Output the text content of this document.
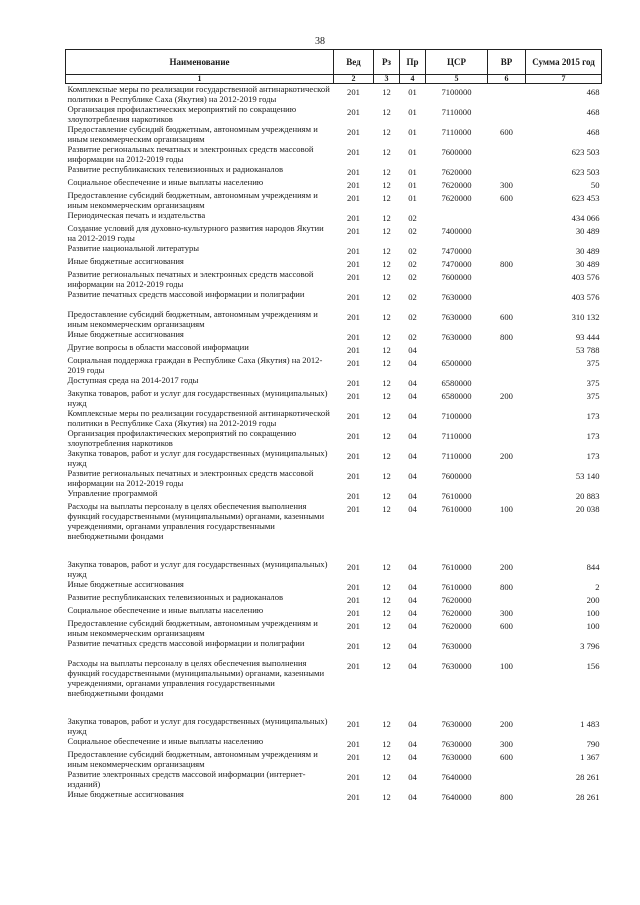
38
Наименование	Вед	Рз	Пр	ЦСР	ВР	Сумма 2015 год
1	2	3	4	5	6	7
Комплексные меры по реализации государственной антинаркотической политики в Республике Саха (Якутия) на 2012-2019 годы	201	12	01	7100000		468
Организация профилактических мероприятий по сокращению злоупотребления наркотиков	201	12	01	7110000		468
Предоставление субсидий бюджетным, автономным учреждениям и иным некоммерческим организациям	201	12	01	7110000	600	468
Развитие региональных печатных и электронных средств массовой информации на 2012-2019 годы	201	12	01	7600000		623 503
Развитие республиканских телевизионных и радиоканалов	201	12	01	7620000		623 503
Социальное обеспечение и иные выплаты населению	201	12	01	7620000	300	50
Предоставление субсидий бюджетным, автономным учреждениям и иным некоммерческим организациям	201	12	01	7620000	600	623 453
Периодическая печать и издательства	201	12	02			434 066
Создание условий для духовно-культурного развития народов Якутии на 2012-2019 годы	201	12	02	7400000		30 489
Развитие национальной литературы	201	12	02	7470000		30 489
Иные бюджетные ассигнования	201	12	02	7470000	800	30 489
Развитие региональных печатных и электронных средств массовой информации на 2012-2019 годы	201	12	02	7600000		403 576
Развитие печатных средств массовой информации и полиграфии	201	12	02	7630000		403 576
Предоставление субсидий бюджетным, автономным учреждениям и иным некоммерческим организациям	201	12	02	7630000	600	310 132
Иные бюджетные ассигнования	201	12	02	7630000	800	93 444
Другие вопросы в области массовой информации	201	12	04			53 788
Социальная поддержка граждан в Республике Саха (Якутия) на 2012-2019 годы	201	12	04	6500000		375
Доступная среда на 2014-2017 годы	201	12	04	6580000		375
Закупка товаров, работ и услуг для государственных (муниципальных) нужд	201	12	04	6580000	200	375
Комплексные меры по реализации государственной антинаркотической политики в Республике Саха (Якутия) на 2012-2019 годы	201	12	04	7100000		173
Организация профилактических мероприятий по сокращению злоупотребления наркотиков	201	12	04	7110000		173
Закупка товаров, работ и услуг для государственных (муниципальных) нужд	201	12	04	7110000	200	173
Развитие региональных печатных и электронных средств массовой информации на 2012-2019 годы	201	12	04	7600000		53 140
Управление программой	201	12	04	7610000		20 883
Расходы на выплаты персоналу в целях обеспечения выполнения функций государственными (муниципальными) органами, казенными учреждениями, органами управления государственными внебюджетными фондами	201	12	04	7610000	100	20 038
Закупка товаров, работ и услуг для государственных (муниципальных) нужд	201	12	04	7610000	200	844
Иные бюджетные ассигнования	201	12	04	7610000	800	2
Развитие республиканских телевизионных и радиоканалов	201	12	04	7620000		200
Социальное обеспечение и иные выплаты населению	201	12	04	7620000	300	100
Предоставление субсидий бюджетным, автономным учреждениям и иным некоммерческим организациям	201	12	04	7620000	600	100
Развитие печатных средств массовой информации и полиграфии	201	12	04	7630000		3 796
Расходы на выплаты персоналу в целях обеспечения выполнения функций государственными (муниципальными) органами, казенными учреждениями, органами управления государственными внебюджетными фондами	201	12	04	7630000	100	156
Закупка товаров, работ и услуг для государственных (муниципальных) нужд	201	12	04	7630000	200	1 483
Социальное обеспечение и иные выплаты населению	201	12	04	7630000	300	790
Предоставление субсидий бюджетным, автономным учреждениям и иным некоммерческим организациям	201	12	04	7630000	600	1 367
Развитие электронных средств массовой информации (интернет-изданий)	201	12	04	7640000		28 261
Иные бюджетные ассигнования	201	12	04	7640000	800	28 261
